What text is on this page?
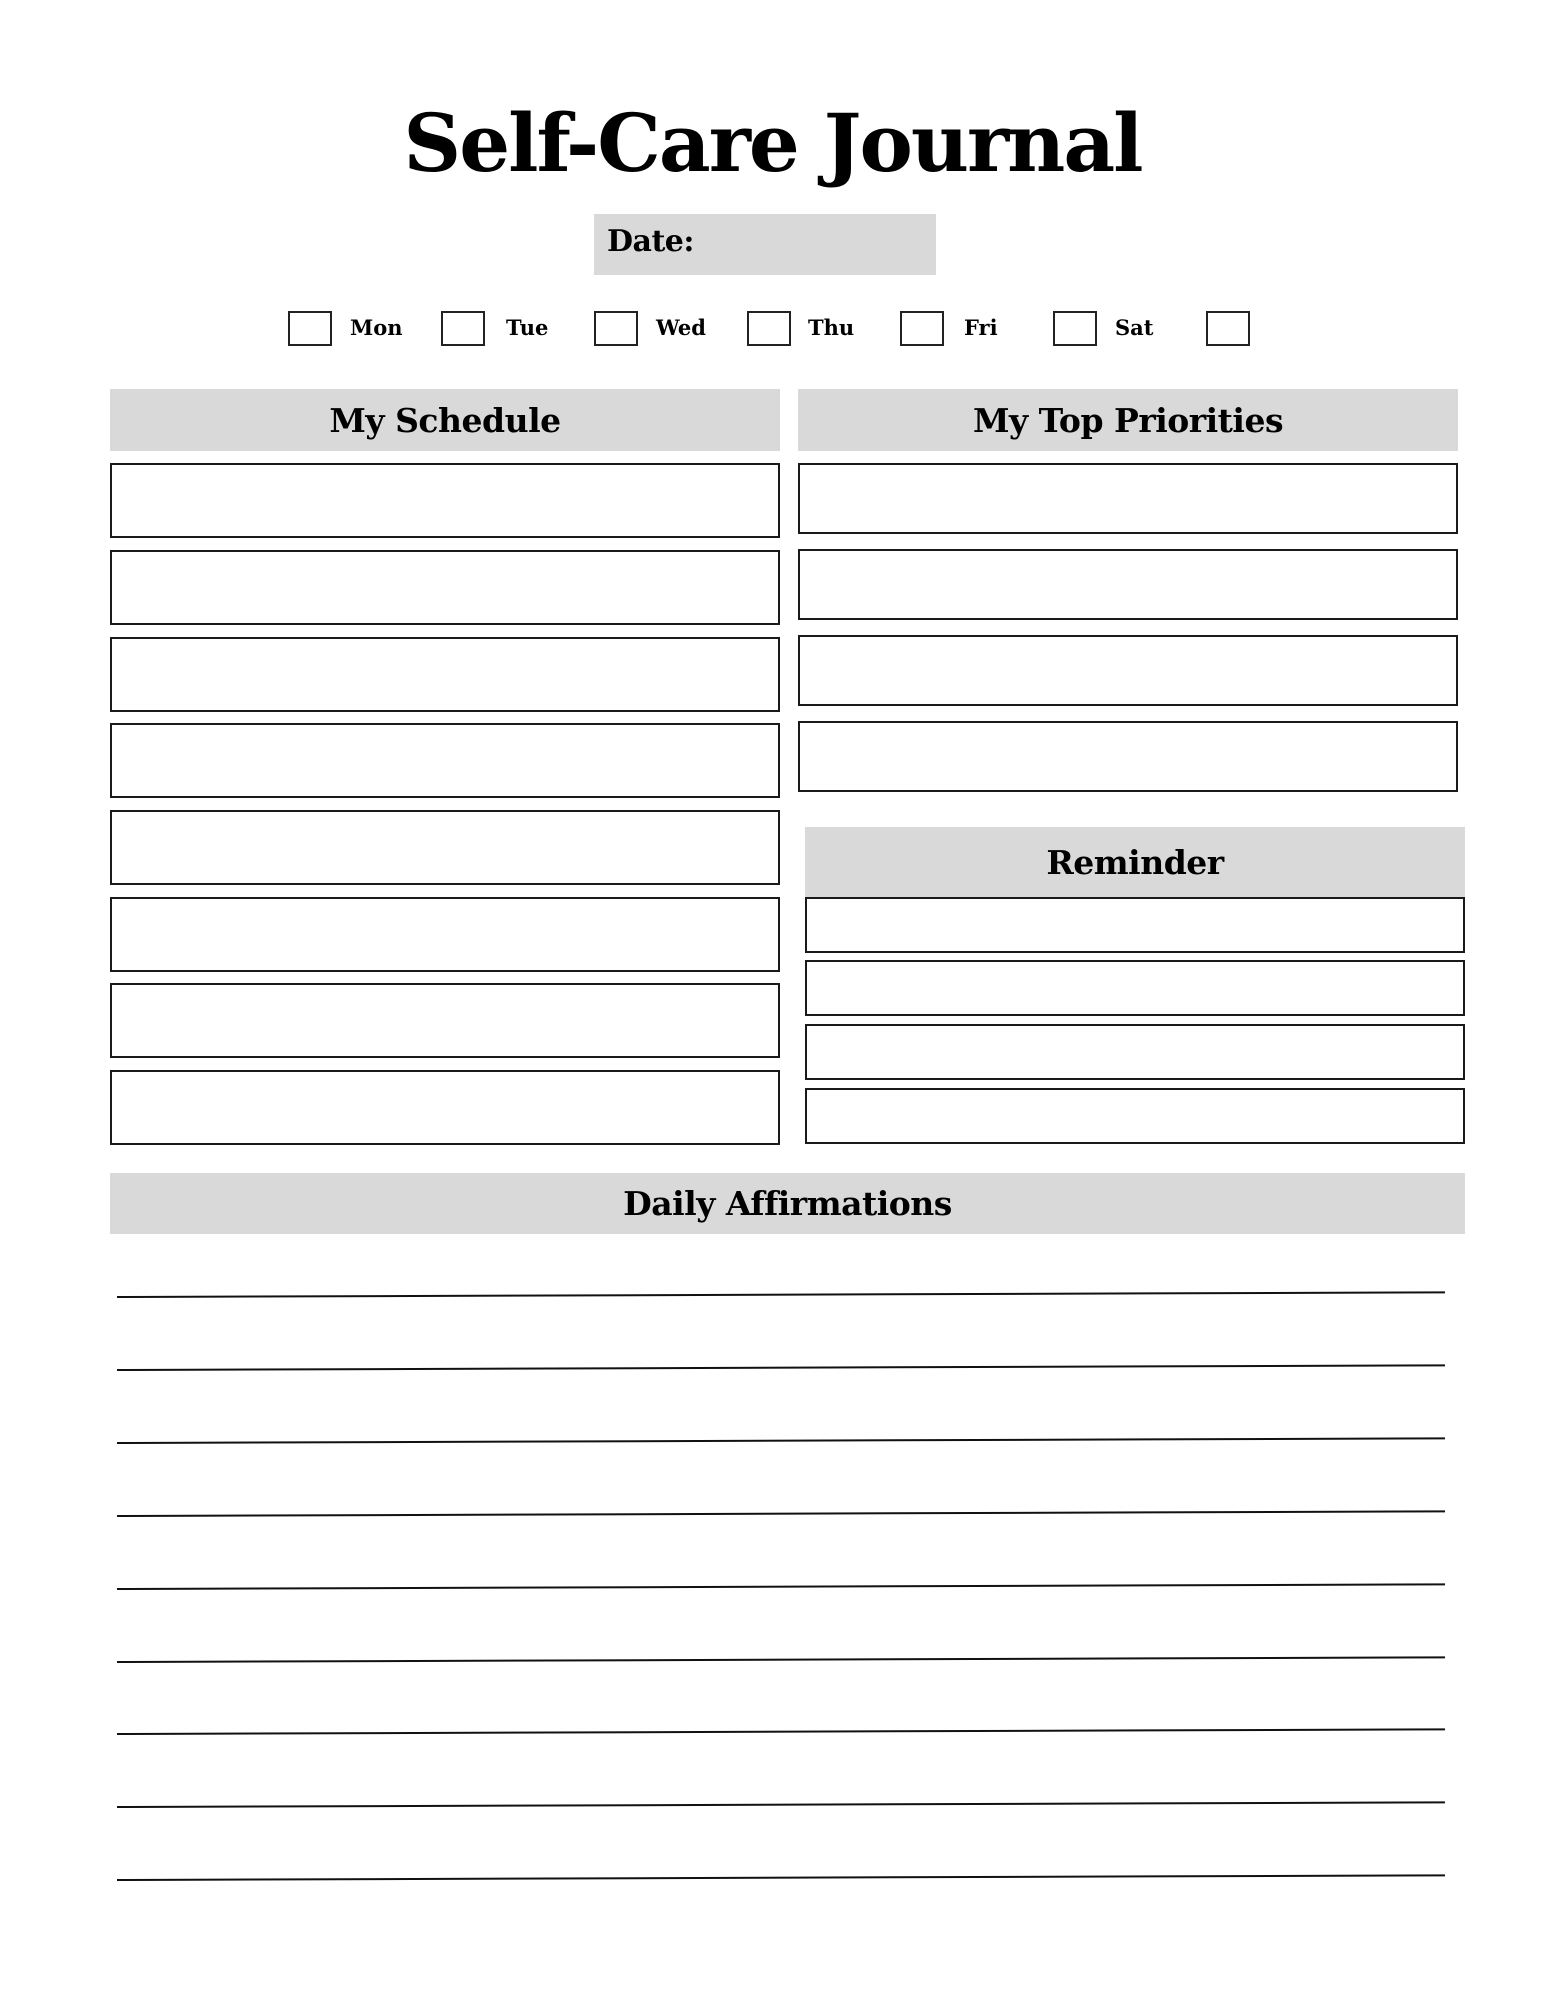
Self-Care Journal
Date:
Mon	Tue	Wed	Thu	Fri	Sat
My Schedule	My Top Priorities
Reminder
Daily Affirmations
